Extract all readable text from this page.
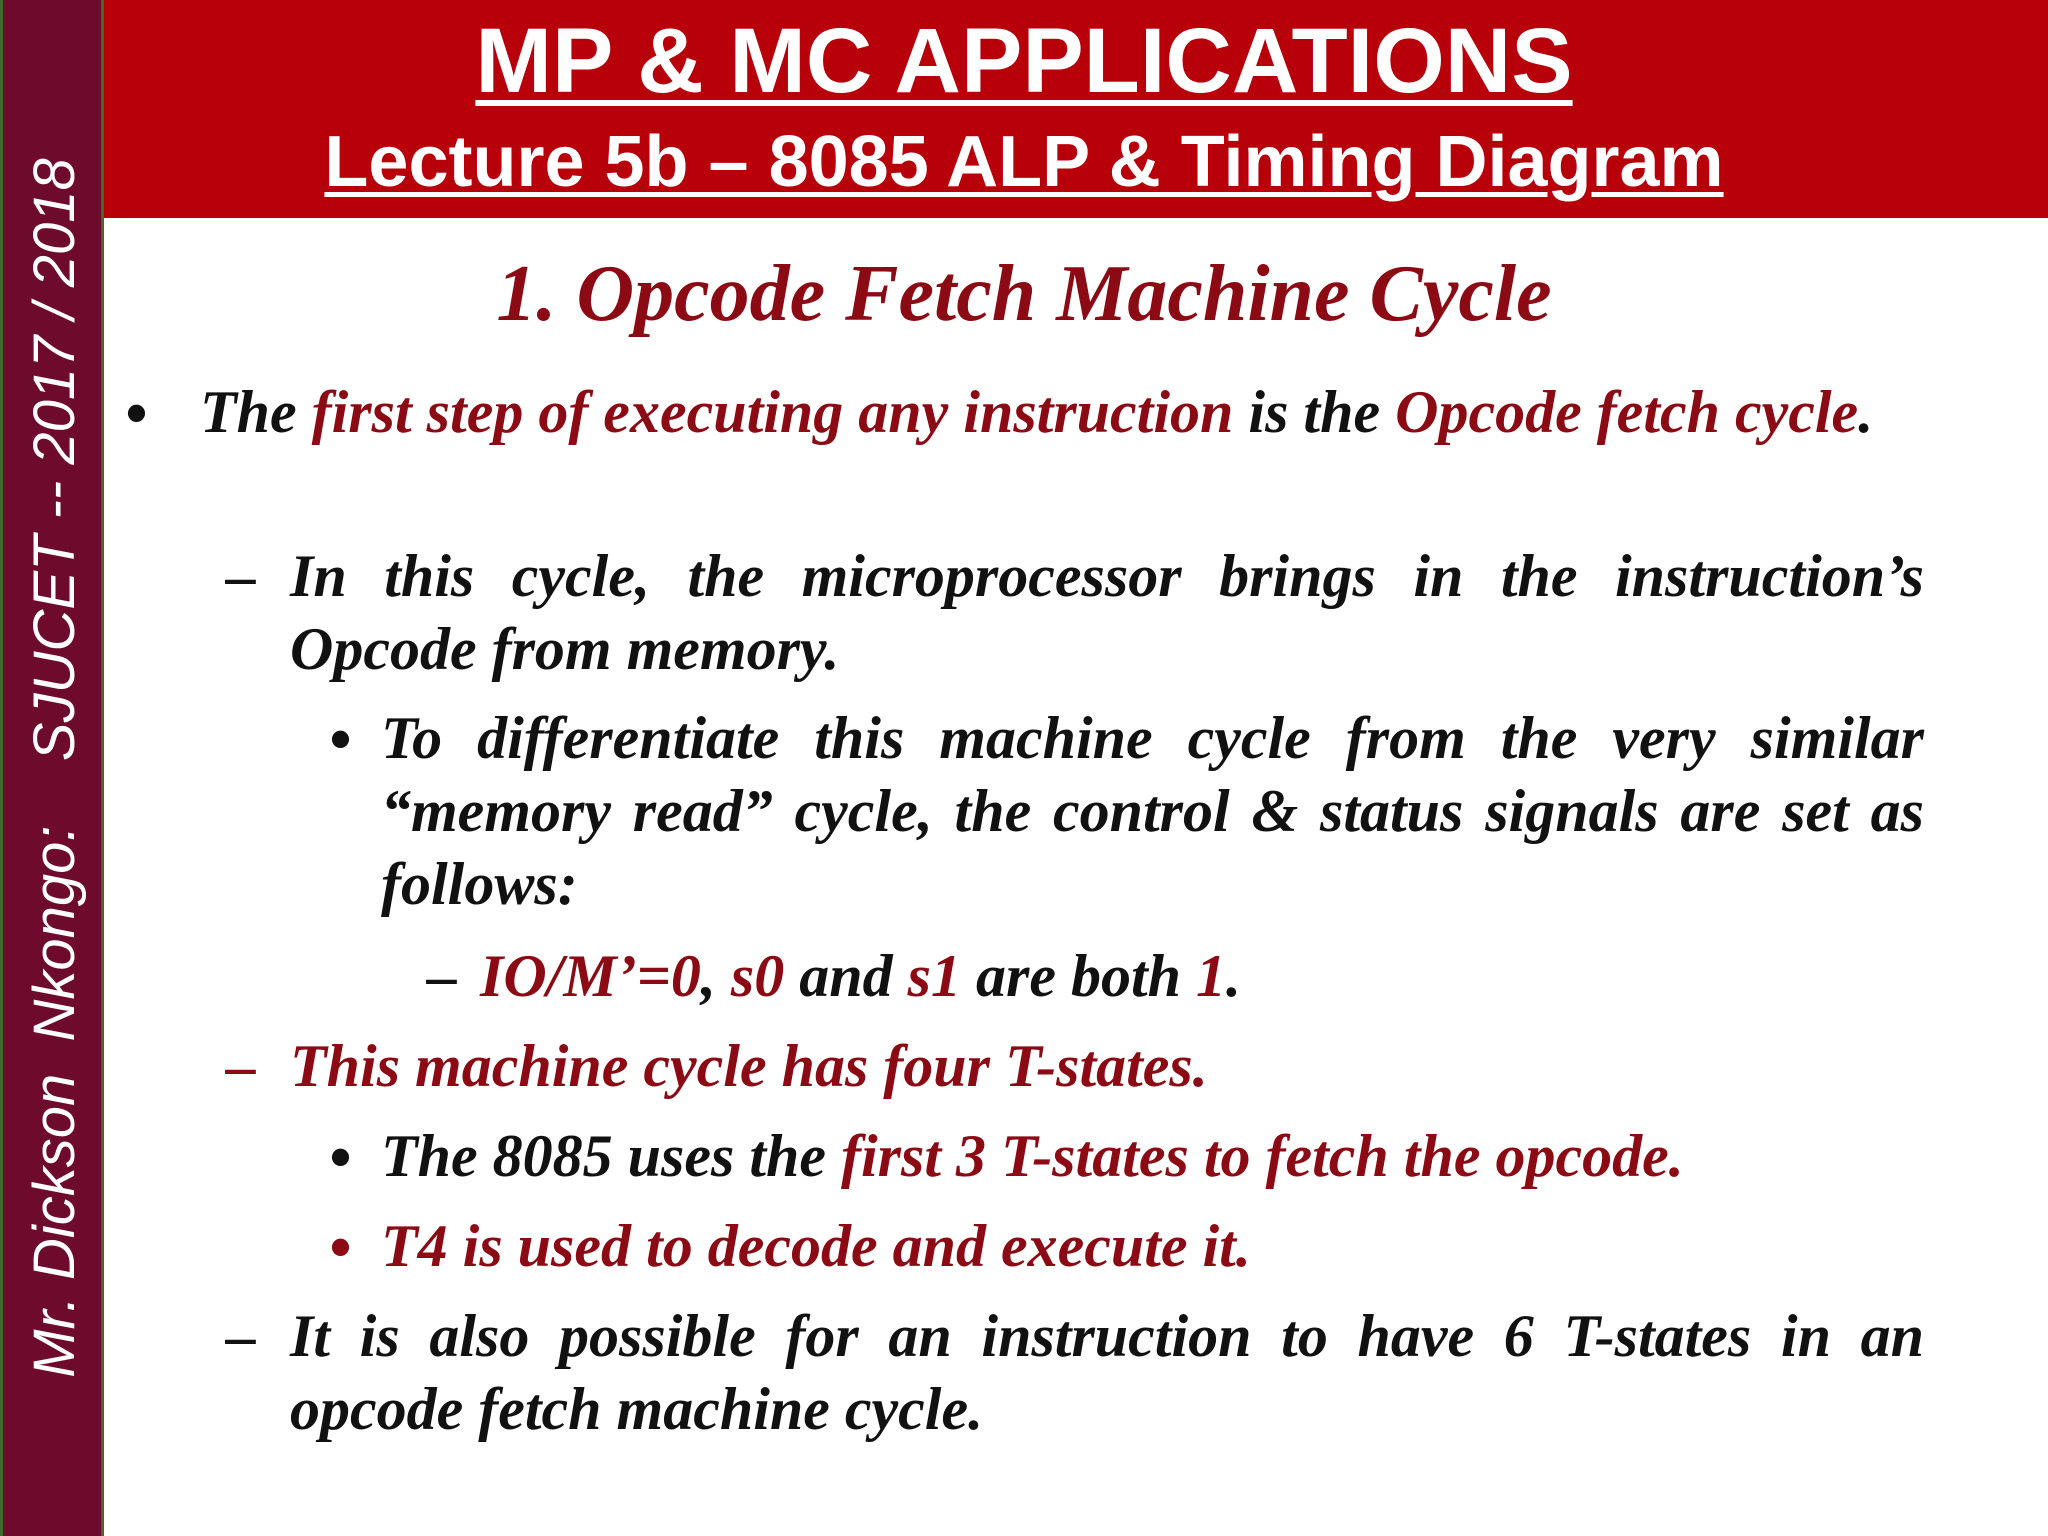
Mr. Dickson  Nkongo:    SJUCET -- 2017 / 2018
MP & MC APPLICATIONS
Lecture 5b – 8085 ALP & Timing Diagram
1. Opcode Fetch Machine Cycle
• The first step of executing any instruction is the Opcode fetch cycle.
– In this cycle, the microprocessor brings in the instruction’s Opcode from memory.
• To differentiate this machine cycle from the very similar “memory read” cycle, the control & status signals are set as follows:
– IO/M’=0, s0 and s1 are both 1.
– This machine cycle has four T-states.
• The 8085 uses the first 3 T-states to fetch the opcode.
• T4 is used to decode and execute it.
– It is also possible for an instruction to have 6 T-states in an opcode fetch machine cycle.
